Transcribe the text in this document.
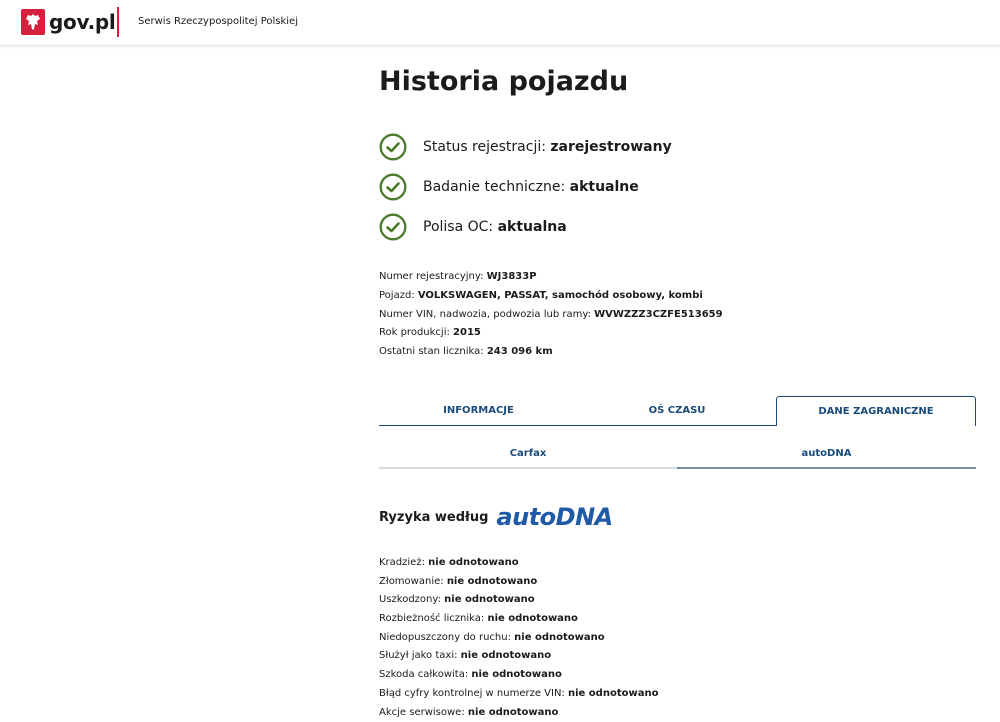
gov.pl Serwis Rzeczypospolitej Polskiej
Historia pojazdu
Status rejestracji: zarejestrowany
Badanie techniczne: aktualne
Polisa OC: aktualna
Numer rejestracyjny: WJ3833P
Pojazd: VOLKSWAGEN, PASSAT, samochód osobowy, kombi
Numer VIN, nadwozia, podwozia lub ramy: WVWZZZ3CZFE513659
Rok produkcji: 2015
Ostatni stan licznika: 243 096 km
INFORMACJE	OŚ CZASU	DANE ZAGRANICZNE
Carfax	autoDNA
Ryzyka według autoDNA
Kradzież: nie odnotowano
Złomowanie: nie odnotowano
Uszkodzony: nie odnotowano
Rozbieżność licznika: nie odnotowano
Niedopuszczony do ruchu: nie odnotowano
Służył jako taxi: nie odnotowano
Szkoda całkowita: nie odnotowano
Błąd cyfry kontrolnej w numerze VIN: nie odnotowano
Akcje serwisowe: nie odnotowano
